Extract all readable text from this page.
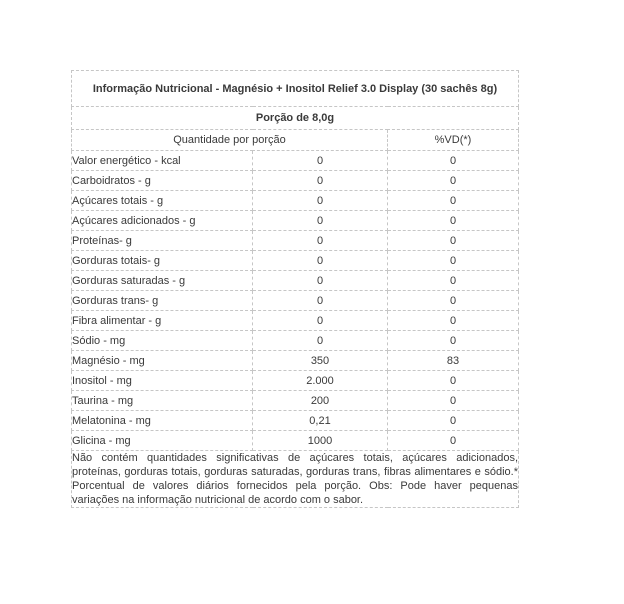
Informação Nutricional - Magnésio + Inositol Relief 3.0 Display (30 sachês 8g)		
Porção de 8,0g		
Quantidade por porção		%VD(*)
Valor energético - kcal	0	0
Carboidratos - g	0	0
Açúcares totais - g	0	0
Açúcares adicionados - g	0	0
Proteínas- g	0	0
Gorduras totais- g	0	0
Gorduras saturadas - g	0	0
Gorduras trans- g	0	0
Fibra alimentar - g	0	0
Sódio - mg	0	0
Magnésio - mg	350	83
Inositol - mg	2.000	0
Taurina - mg	200	0
Melatonina - mg	0,21	0
Glicina - mg	1000	0
Não contém quantidades significativas de açúcares totais, açúcares adicionados, proteínas, gorduras totais, gorduras saturadas, gorduras trans, fibras alimentares e sódio.* Porcentual de valores diários fornecidos pela porção. Obs: Pode haver pequenas variações na informação nutricional de acordo com o sabor.		
